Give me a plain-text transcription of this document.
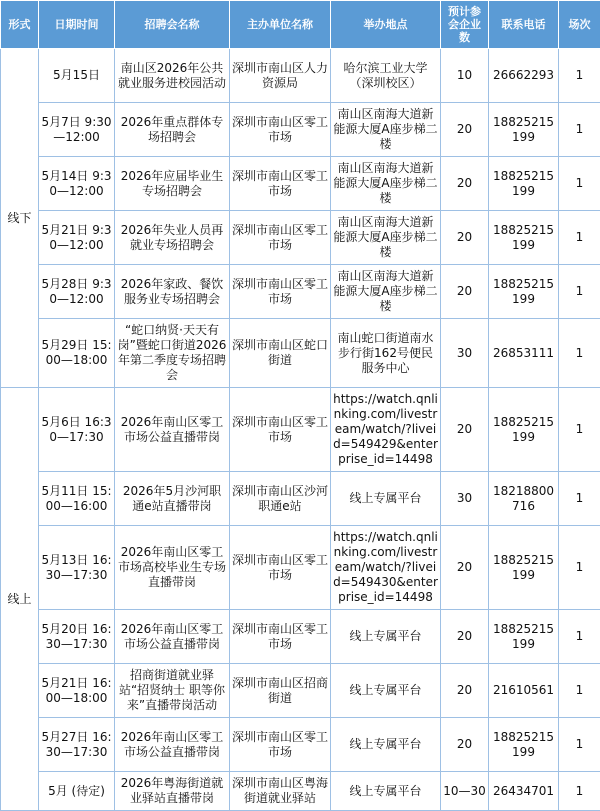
形式	日期时间	招聘会名称	主办单位名称	举办地点	预计参会企业数	联系电话	场次
线下	5月15日	南山区2026年公共就业服务进校园活动	深圳市南山区人力资源局	哈尔滨工业大学（深圳校区）	10	26662293	1
	5月7日 9:30—12:00	2026年重点群体专场招聘会	深圳市南山区零工市场	南山区南海大道新能源大厦A座步梯二楼	20	18825215199	1
	5月14日 9:30—12:00	2026年应届毕业生专场招聘会	深圳市南山区零工市场	南山区南海大道新能源大厦A座步梯二楼	20	18825215199	1
	5月21日 9:30—12:00	2026年失业人员再就业专场招聘会	深圳市南山区零工市场	南山区南海大道新能源大厦A座步梯二楼	20	18825215199	1
	5月28日 9:30—12:00	2026年家政、餐饮服务业专场招聘会	深圳市南山区零工市场	南山区南海大道新能源大厦A座步梯二楼	20	18825215199	1
	5月29日 15:00—18:00	“蛇口纳贤·天天有岗”暨蛇口街道2026年第二季度专场招聘会	深圳市南山区蛇口街道	南山蛇口街道南水步行街162号便民服务中心	30	26853111	1
线上	5月6日 16:30—17:30	2026年南山区零工市场公益直播带岗	深圳市南山区零工市场	https://watch.qnlinking.com/livestream/watch/?liveid=549429&enterprise_id=14498	20	18825215199	1
	5月11日 15:00—16:00	2026年5月沙河职通e站直播带岗	深圳市南山区沙河职通e站	线上专属平台	30	18218800716	1
	5月13日 16:30—17:30	2026年南山区零工市场高校毕业生专场直播带岗	深圳市南山区零工市场	https://watch.qnlinking.com/livestream/watch/?liveid=549430&enterprise_id=14498	20	18825215199	1
	5月20日 16:30—17:30	2026年南山区零工市场公益直播带岗	深圳市南山区零工市场	线上专属平台	20	18825215199	1
	5月21日 16:00—18:00	招商街道就业驿站“招贤纳士 职等你来”直播带岗活动	深圳市南山区招商街道	线上专属平台	20	21610561	1
	5月27日 16:30—17:30	2026年南山区零工市场公益直播带岗	深圳市南山区零工市场	线上专属平台	20	18825215199	1
	5月 (待定)	2026年粤海街道就业驿站直播带岗	深圳市南山区粤海街道就业驿站	线上专属平台	10—30	26434701	1
